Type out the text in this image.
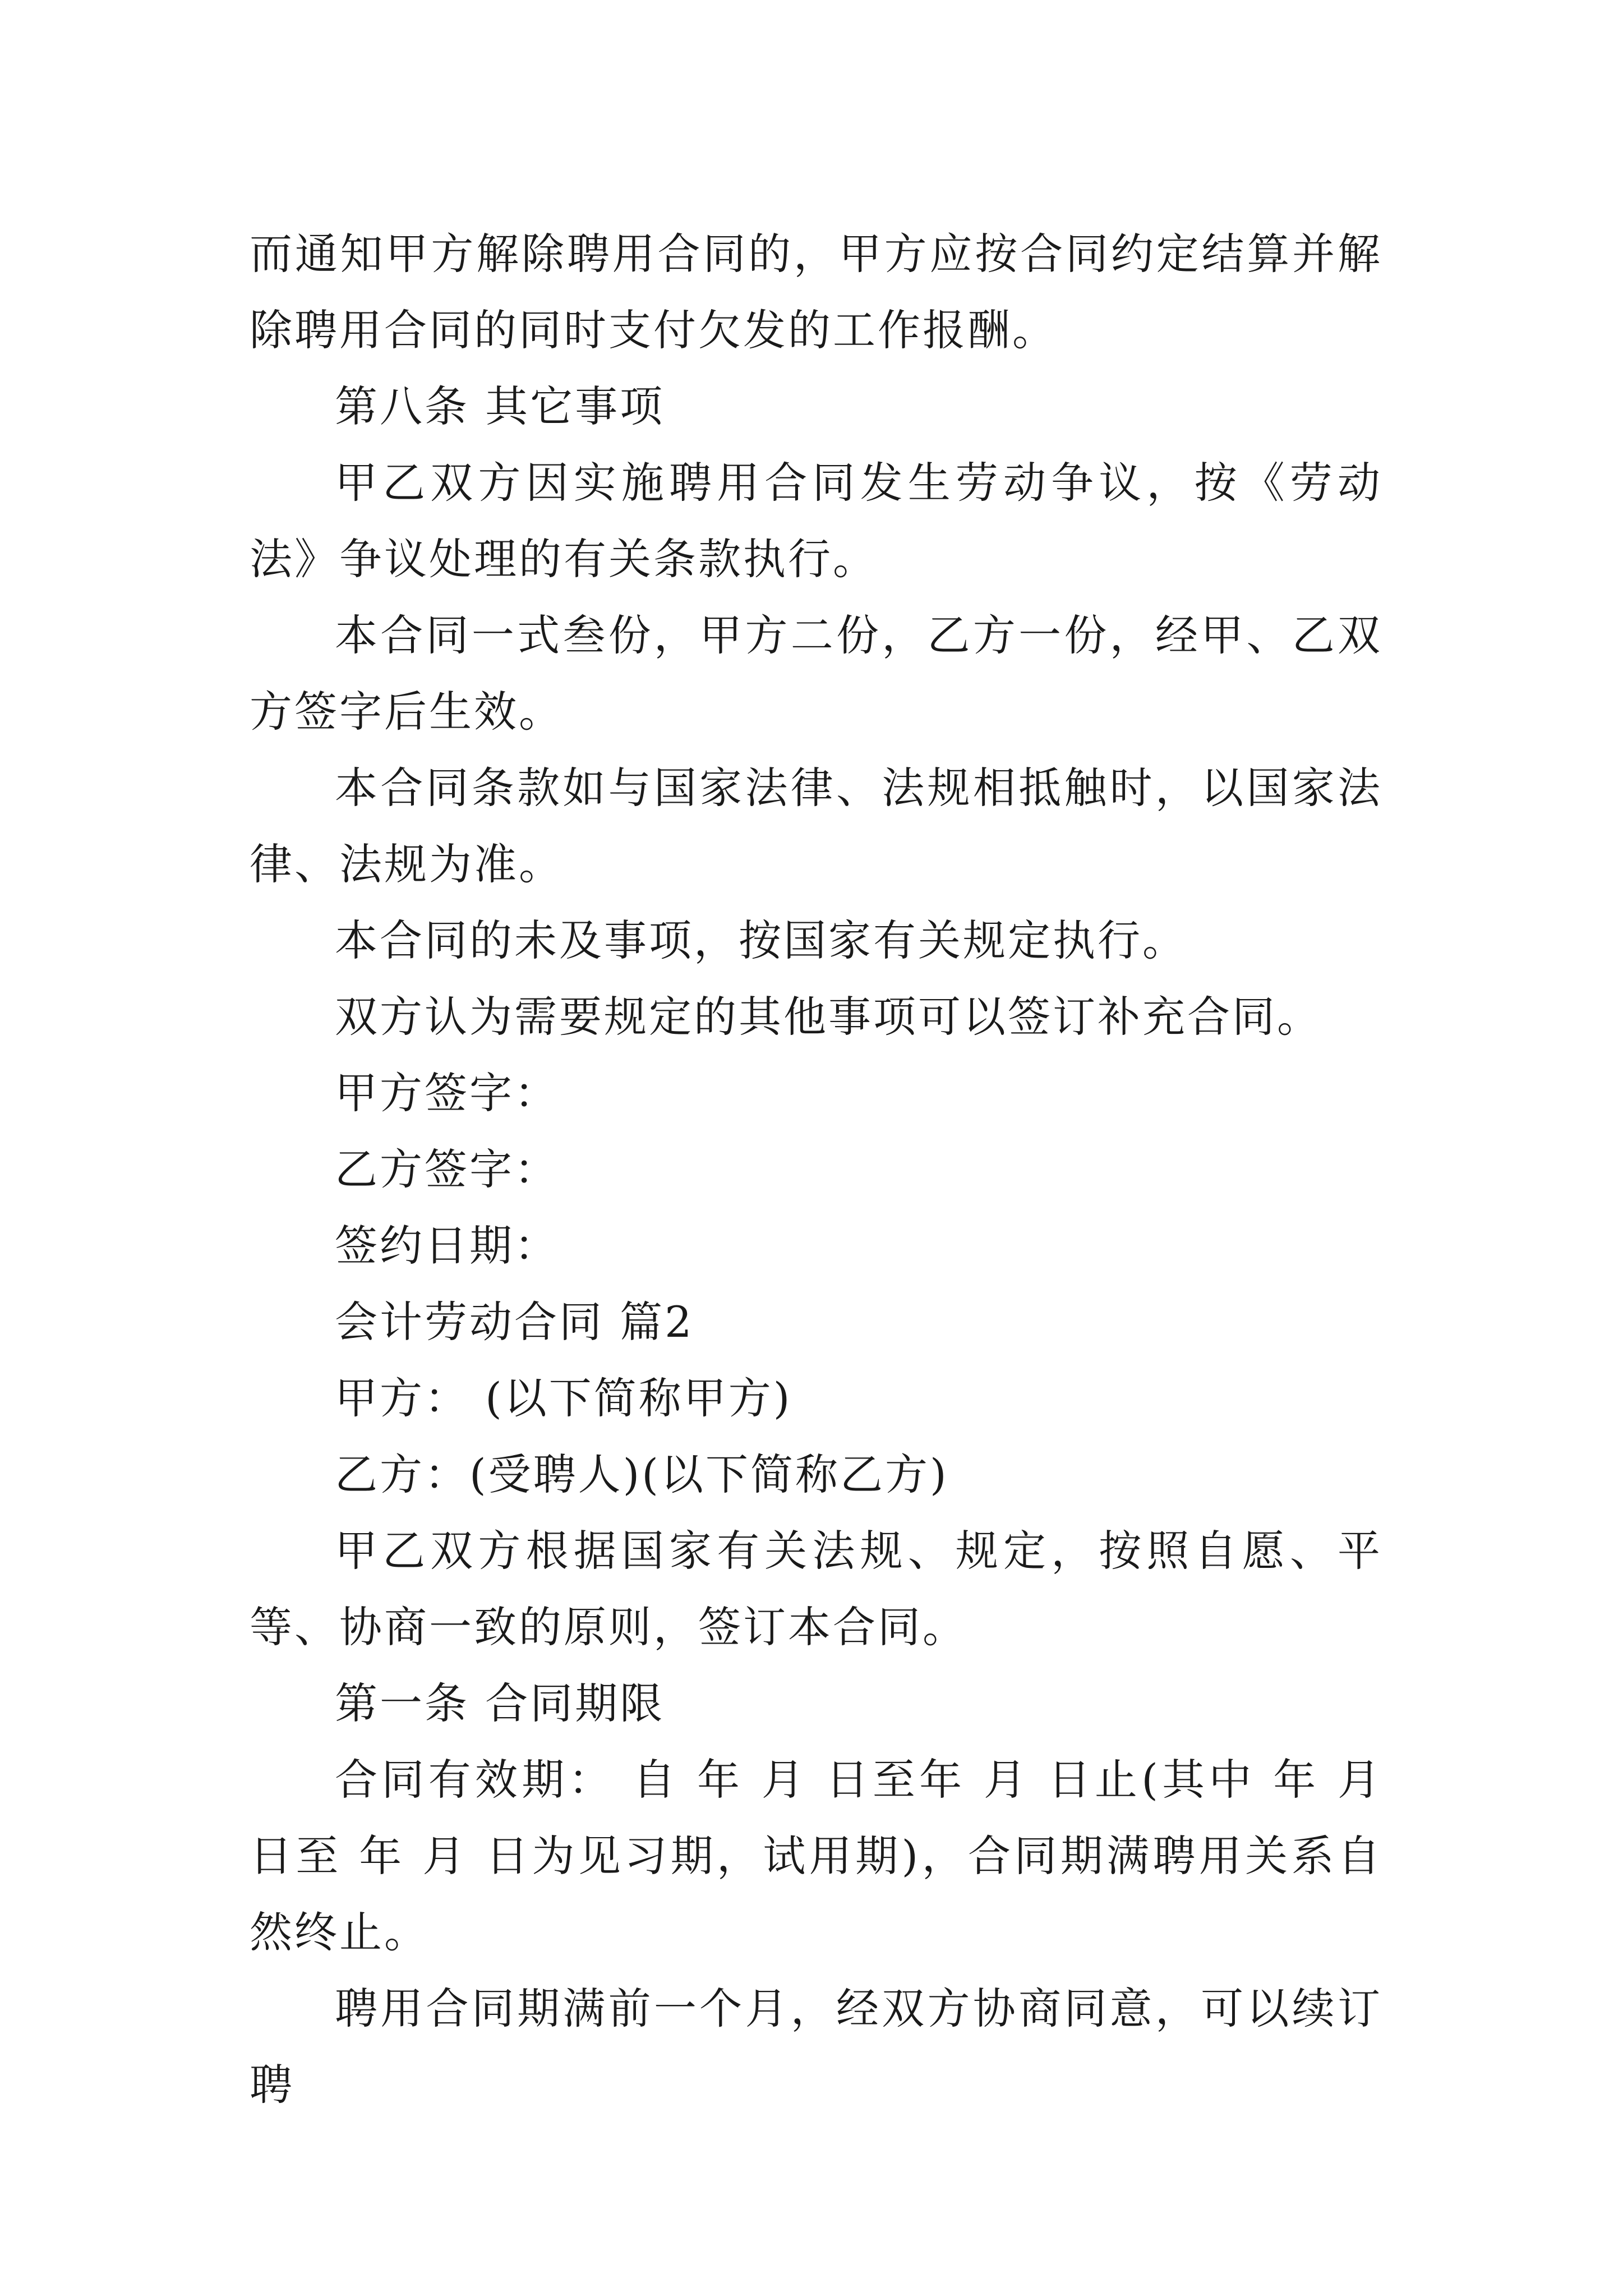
而通知甲方解除聘用合同的，甲方应按合同约定结算并解除聘用合同的同时支付欠发的工作报酬。

第八条 其它事项

甲乙双方因实施聘用合同发生劳动争议，按《劳动法》争议处理的有关条款执行。

本合同一式叁份，甲方二份，乙方一份，经甲、乙双方签字后生效。

本合同条款如与国家法律、法规相抵触时，以国家法律、法规为准。

本合同的未及事项，按国家有关规定执行。

双方认为需要规定的其他事项可以签订补充合同。

甲方签字：

乙方签字：

签约日期：

会计劳动合同 篇2

甲方： (以下简称甲方)

乙方：(受聘人)(以下简称乙方)

甲乙双方根据国家有关法规、规定，按照自愿、平等、协商一致的原则，签订本合同。

第一条 合同期限

合同有效期： 自 年 月 日至年 月 日止(其中 年 月 日至 年 月 日为见习期，试用期)，合同期满聘用关系自然终止。

聘用合同期满前一个月，经双方协商同意，可以续订聘
